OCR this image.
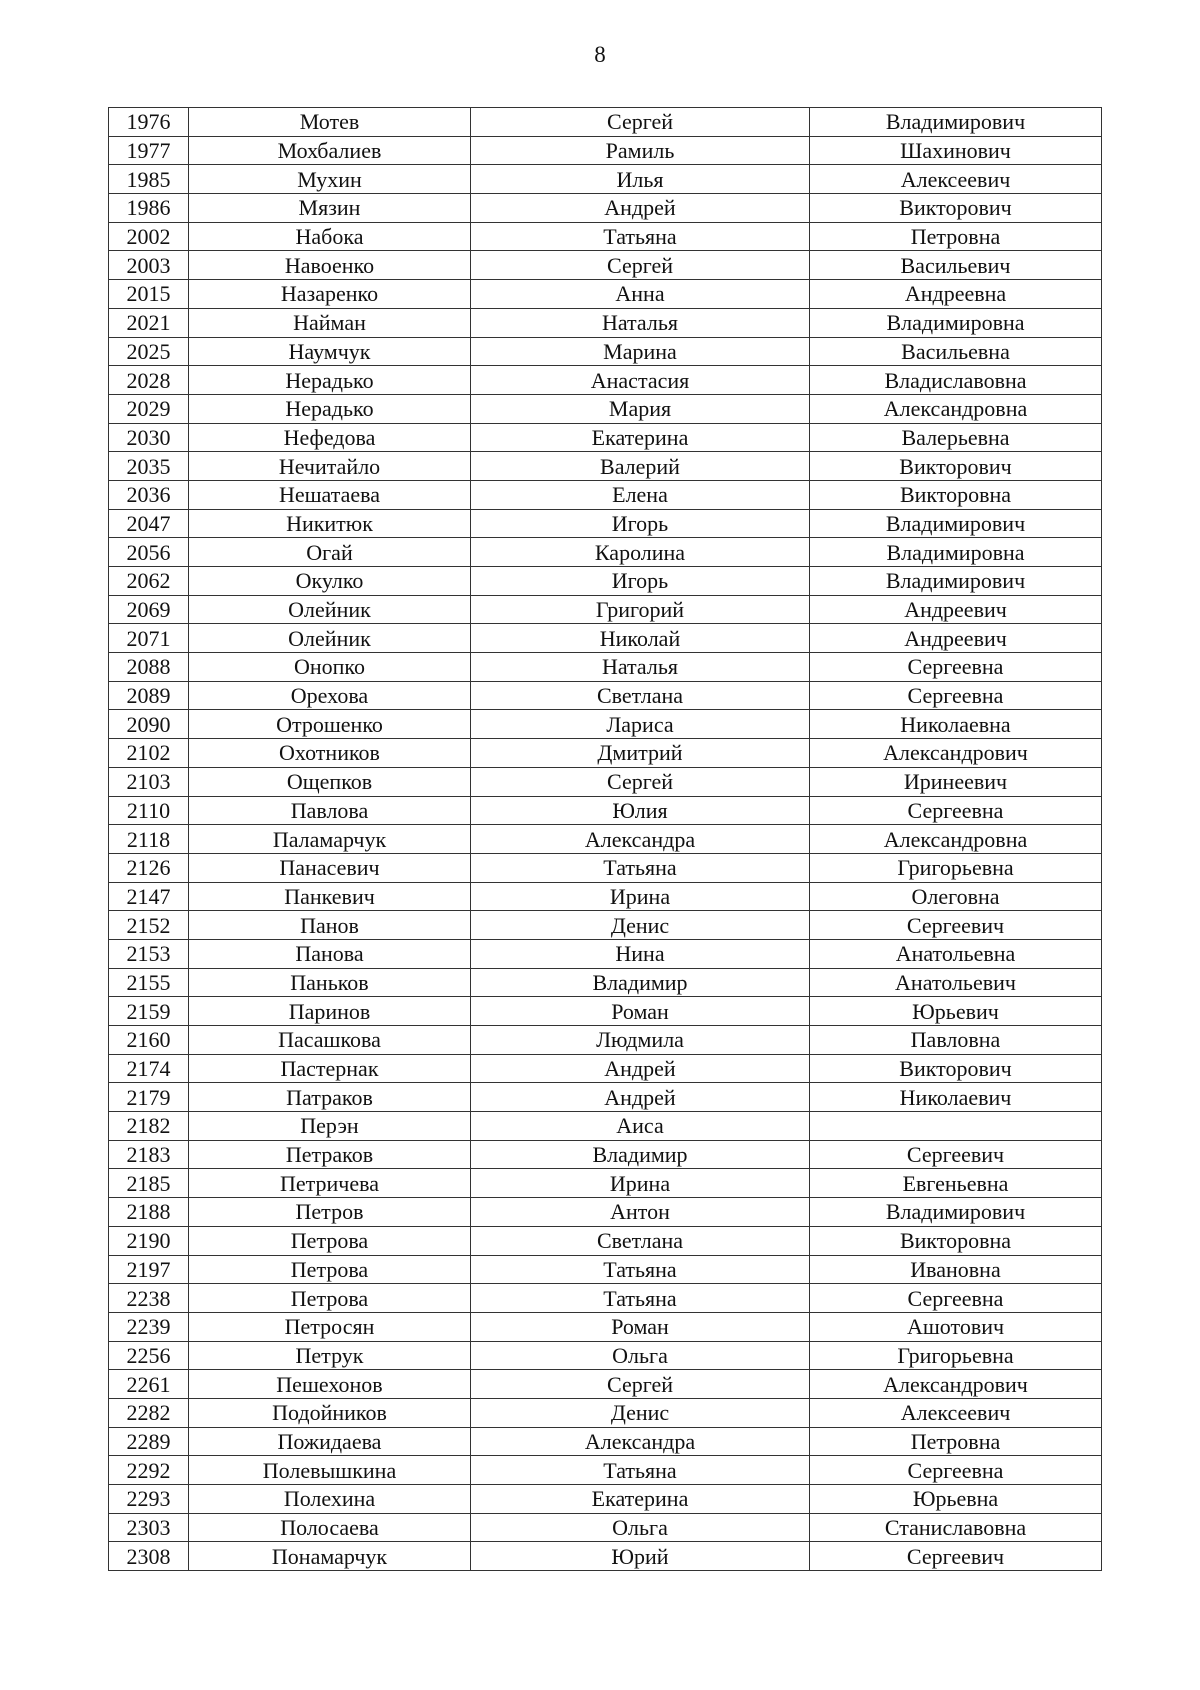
8
1976	Мотев	Сергей	Владимирович
1977	Мохбалиев	Рамиль	Шахинович
1985	Мухин	Илья	Алексеевич
1986	Мязин	Андрей	Викторович
2002	Набока	Татьяна	Петровна
2003	Навоенко	Сергей	Васильевич
2015	Назаренко	Анна	Андреевна
2021	Найман	Наталья	Владимировна
2025	Наумчук	Марина	Васильевна
2028	Нерадько	Анастасия	Владиславовна
2029	Нерадько	Мария	Александровна
2030	Нефедова	Екатерина	Валерьевна
2035	Нечитайло	Валерий	Викторович
2036	Нешатаева	Елена	Викторовна
2047	Никитюк	Игорь	Владимирович
2056	Огай	Каролина	Владимировна
2062	Окулко	Игорь	Владимирович
2069	Олейник	Григорий	Андреевич
2071	Олейник	Николай	Андреевич
2088	Онопко	Наталья	Сергеевна
2089	Орехова	Светлана	Сергеевна
2090	Отрошенко	Лариса	Николаевна
2102	Охотников	Дмитрий	Александрович
2103	Ощепков	Сергей	Иринеевич
2110	Павлова	Юлия	Сергеевна
2118	Паламарчук	Александра	Александровна
2126	Панасевич	Татьяна	Григорьевна
2147	Панкевич	Ирина	Олеговна
2152	Панов	Денис	Сергеевич
2153	Панова	Нина	Анатольевна
2155	Паньков	Владимир	Анатольевич
2159	Паринов	Роман	Юрьевич
2160	Пасашкова	Людмила	Павловна
2174	Пастернак	Андрей	Викторович
2179	Патраков	Андрей	Николаевич
2182	Перэн	Аиса	
2183	Петраков	Владимир	Сергеевич
2185	Петричева	Ирина	Евгеньевна
2188	Петров	Антон	Владимирович
2190	Петрова	Светлана	Викторовна
2197	Петрова	Татьяна	Ивановна
2238	Петрова	Татьяна	Сергеевна
2239	Петросян	Роман	Ашотович
2256	Петрук	Ольга	Григорьевна
2261	Пешехонов	Сергей	Александрович
2282	Подойников	Денис	Алексеевич
2289	Пожидаева	Александра	Петровна
2292	Полевышкина	Татьяна	Сергеевна
2293	Полехина	Екатерина	Юрьевна
2303	Полосаева	Ольга	Станиславовна
2308	Понамарчук	Юрий	Сергеевич
